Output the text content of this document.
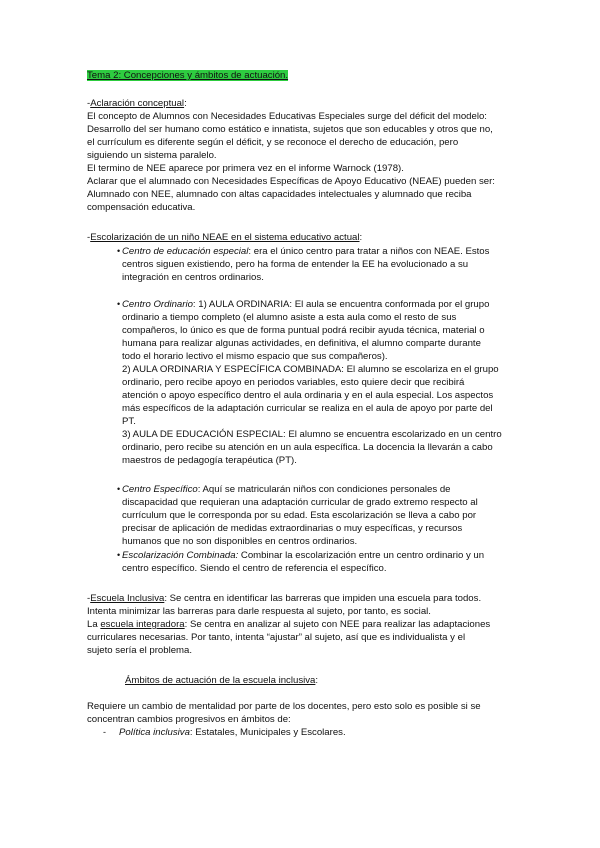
Tema 2: Concepciones y ámbitos de actuación.
-Aclaración conceptual:
El concepto de Alumnos con Necesidades Educativas Especiales surge del déficit del modelo:
Desarrollo del ser humano como estático e innatista, sujetos que son educables y otros que no,
el currículum es diferente según el déficit, y se reconoce el derecho de educación, pero
siguiendo un sistema paralelo.
El termino de NEE aparece por primera vez en el informe Warnock (1978).
Aclarar que el alumnado con Necesidades Específicas de Apoyo Educativo (NEAE) pueden ser:
Alumnado con NEE, alumnado con altas capacidades intelectuales y alumnado que reciba
compensación educativa.
-Escolarización de un niño NEAE en el sistema educativo actual:
• Centro de educación especial: era el único centro para tratar a niños con NEAE. Estos
centros siguen existiendo, pero ha forma de entender la EE ha evolucionado a su
integración en centros ordinarios.
• Centro Ordinario: 1) AULA ORDINARIA: El aula se encuentra conformada por el grupo
ordinario a tiempo completo (el alumno asiste a esta aula como el resto de sus
compañeros, lo único es que de forma puntual podrá recibir ayuda técnica, material o
humana para realizar algunas actividades, en definitiva, el alumno comparte durante
todo el horario lectivo el mismo espacio que sus compañeros).
2) AULA ORDINARIA Y ESPECÍFICA COMBINADA: El alumno se escolariza en el grupo
ordinario, pero recibe apoyo en periodos variables, esto quiere decir que recibirá
atención o apoyo específico dentro el aula ordinaria y en el aula especial. Los aspectos
más específicos de la adaptación curricular se realiza en el aula de apoyo por parte del
PT.
3) AULA DE EDUCACIÓN ESPECIAL: El alumno se encuentra escolarizado en un centro
ordinario, pero recibe su atención en un aula específica. La docencia la llevarán a cabo
maestros de pedagogía terapéutica (PT).
• Centro Específico: Aquí se matricularán niños con condiciones personales de
discapacidad que requieran una adaptación curricular de grado extremo respecto al
currículum que le corresponda por su edad. Esta escolarización se lleva a cabo por
precisar de aplicación de medidas extraordinarias o muy específicas, y recursos
humanos que no son disponibles en centros ordinarios.
• Escolarización Combinada: Combinar la escolarización entre un centro ordinario y un
centro específico. Siendo el centro de referencia el específico.
-Escuela Inclusiva: Se centra en identificar las barreras que impiden una escuela para todos.
Intenta minimizar las barreras para darle respuesta al sujeto, por tanto, es social.
La escuela integradora: Se centra en analizar al sujeto con NEE para realizar las adaptaciones
curriculares necesarias. Por tanto, intenta “ajustar” al sujeto, así que es individualista y el
sujeto sería el problema.
Ámbitos de actuación de la escuela inclusiva:
Requiere un cambio de mentalidad por parte de los docentes, pero esto solo es posible si se
concentran cambios progresivos en ámbitos de:
- Política inclusiva: Estatales, Municipales y Escolares.
